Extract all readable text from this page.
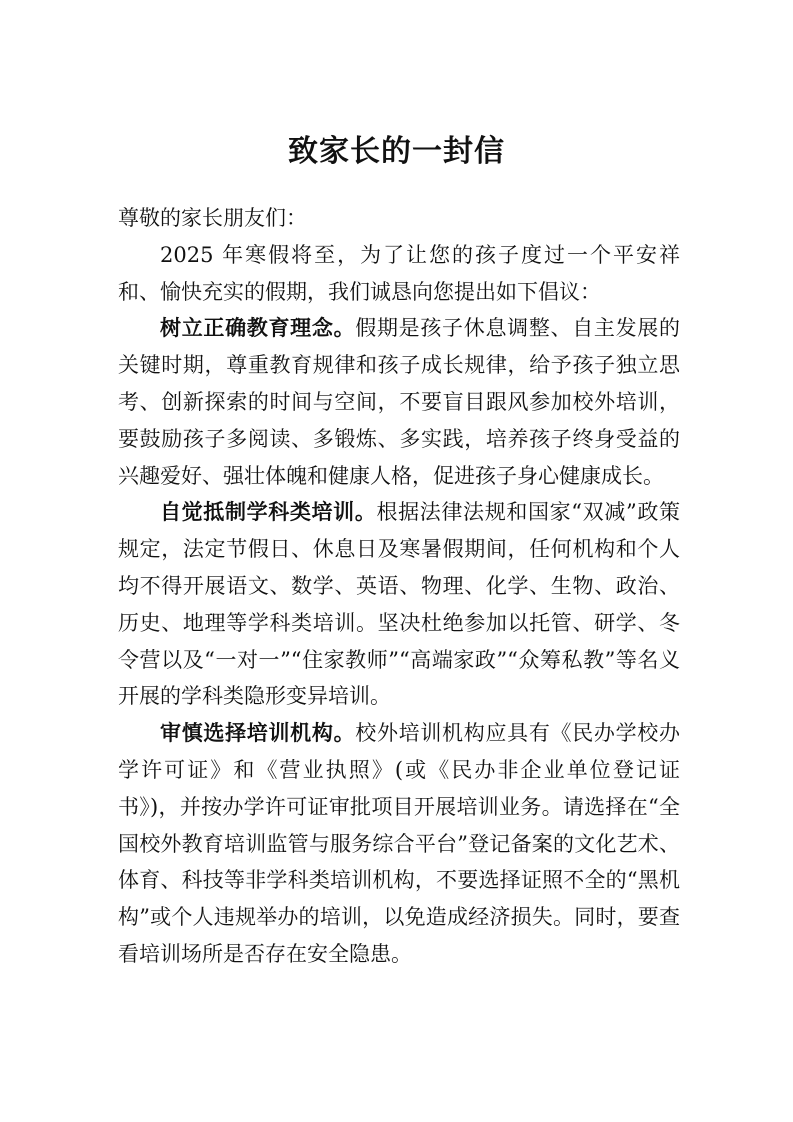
致家长的一封信

尊敬的家长朋友们：

2025 年寒假将至，为了让您的孩子度过一个平安祥和、愉快充实的假期，我们诚恳向您提出如下倡议：

树立正确教育理念。假期是孩子休息调整、自主发展的关键时期，尊重教育规律和孩子成长规律，给予孩子独立思考、创新探索的时间与空间，不要盲目跟风参加校外培训，要鼓励孩子多阅读、多锻炼、多实践，培养孩子终身受益的兴趣爱好、强壮体魄和健康人格，促进孩子身心健康成长。

自觉抵制学科类培训。根据法律法规和国家“双减”政策规定，法定节假日、休息日及寒暑假期间，任何机构和个人均不得开展语文、数学、英语、物理、化学、生物、政治、历史、地理等学科类培训。坚决杜绝参加以托管、研学、冬令营以及“一对一”“住家教师”“高端家政”“众筹私教”等名义开展的学科类隐形变异培训。

审慎选择培训机构。校外培训机构应具有《民办学校办学许可证》和《营业执照》(或《民办非企业单位登记证书》)，并按办学许可证审批项目开展培训业务。请选择在“全国校外教育培训监管与服务综合平台”登记备案的文化艺术、体育、科技等非学科类培训机构，不要选择证照不全的“黑机构”或个人违规举办的培训，以免造成经济损失。同时，要查看培训场所是否存在安全隐患。
